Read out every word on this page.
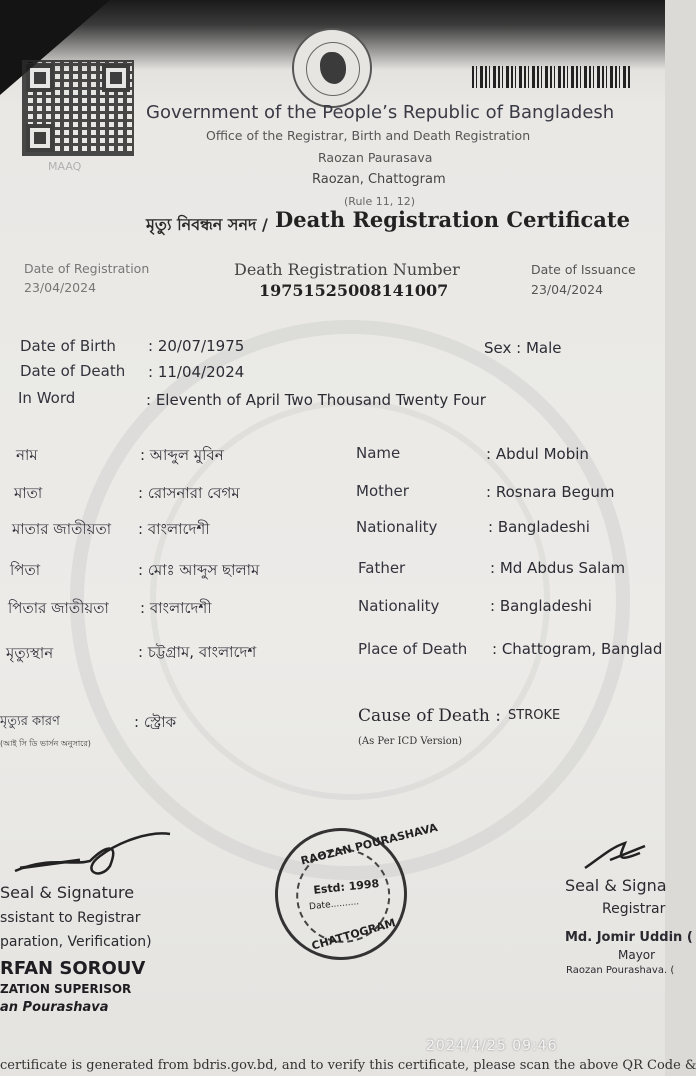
MAAQ
Government of the People’s Republic of Bangladesh
Office of the Registrar, Birth and Death Registration
Raozan Paurasava
Raozan, Chattogram
(Rule 11, 12)
মৃত্যু নিবন্ধন সনদ / Death Registration Certificate
Date of Registration
23/04/2024
Death Registration Number
19751525008141007
Date of Issuance
23/04/2024
Date of Birth : 20/07/1975	Sex : Male
Date of Death : 11/04/2024
In Word	: Eleventh of April Two Thousand Twenty Four
নাম	: আব্দুল মুবিন	Name	: Abdul Mobin
মাতা	: রোসনারা বেগম	Mother	: Rosnara Begum
মাতার জাতীয়তা : বাংলাদেশী	Nationality	: Bangladeshi
পিতা	: মোঃ আব্দুস ছালাম	Father	: Md Abdus Salam
পিতার জাতীয়তা : বাংলাদেশী	Nationality	: Bangladeshi
মৃত্যুস্থান	: চট্টগ্রাম, বাংলাদেশ	Place of Death : Chattogram, Banglad
মৃত্যুর কারণ
(আই সি ডি ভার্সন অনুসারে)
: স্ট্রোক	Cause of Death : STROKE
(As Per ICD Version)
Seal & Signature
ssistant to Registrar
paration, Verification)
RFAN SOROUV
ZATION SUPERISOR
an Pourashava
RAOZAN POURASHAVA
Estd: 1998
Date..........
CHATTOGRAM
Seal & Signa
Registrar
Md. Jomir Uddin (
Mayor
Raozan Pourashava. (
2024/4/25 09:46
certificate is generated from bdris.gov.bd, and to verify this certificate, please scan the above QR Code &
